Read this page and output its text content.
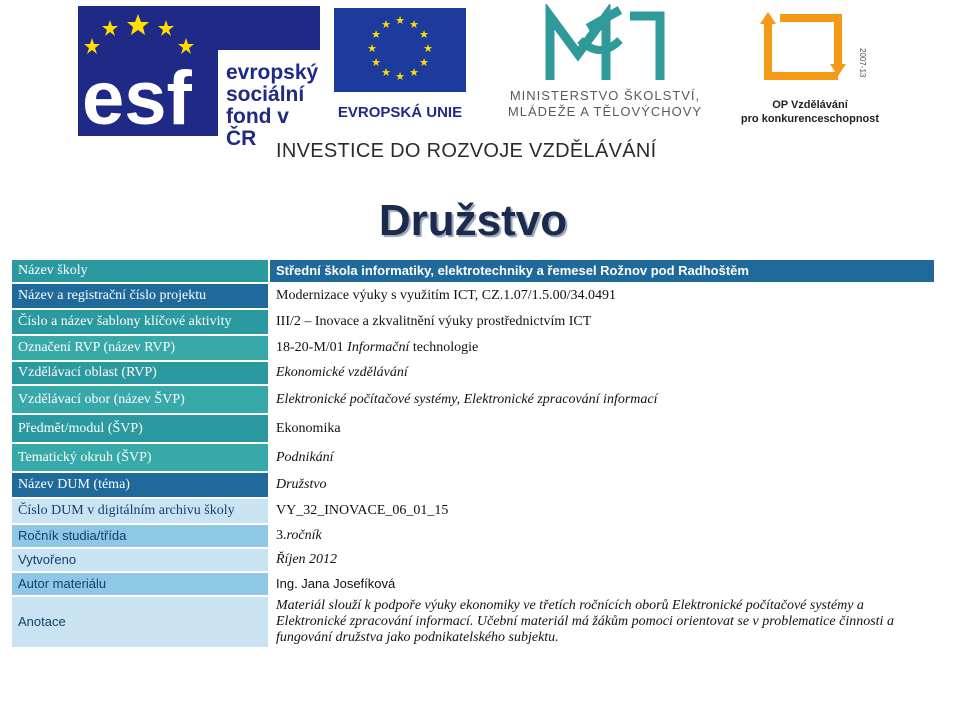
esf evropský
sociální
fond v ČR
★ ★
★
★
★
★
★
★
★
★
★
★
EVROPSKÁ UNIE
MINISTERSTVO ŠKOLSTVÍ,
MLÁDEŽE A TĚLOVÝCHOVY
2007-13
OP Vzdělávání
pro konkurenceschopnost
INVESTICE DO ROZVOJE VZDĚLÁVÁNÍ
Družstvo
Název školy	Střední škola informatiky, elektrotechniky a řemesel Rožnov pod Radhoštěm
Název a registrační číslo projektu	Modernizace výuky s využitím ICT, CZ.1.07/1.5.00/34.0491
Číslo a název šablony klíčové aktivity	III/2 – Inovace a zkvalitnění výuky prostřednictvím ICT
Označení RVP (název RVP)	18-20-M/01 Informační technologie
Vzdělávací oblast (RVP)	Ekonomické vzdělávání
Vzdělávací obor (název ŠVP)	Elektronické počítačové systémy, Elektronické zpracování informací
Předmět/modul (ŠVP)	Ekonomika
Tematický okruh (ŠVP)	Podnikání
Název DUM (téma)	Družstvo
Číslo DUM v digitálním archivu školy	VY_32_INOVACE_06_01_15
Ročník studia/třída	3.ročník
Vytvořeno	Říjen 2012
Autor materiálu	Ing. Jana Josefíková
Anotace	Materiál slouží k podpoře výuky ekonomiky ve třetích ročnících oborů Elektronické počítačové systémy a Elektronické zpracování informací. Učební materiál má žákům pomoci orientovat se v problematice činnosti a fungování družstva jako podnikatelského subjektu.
